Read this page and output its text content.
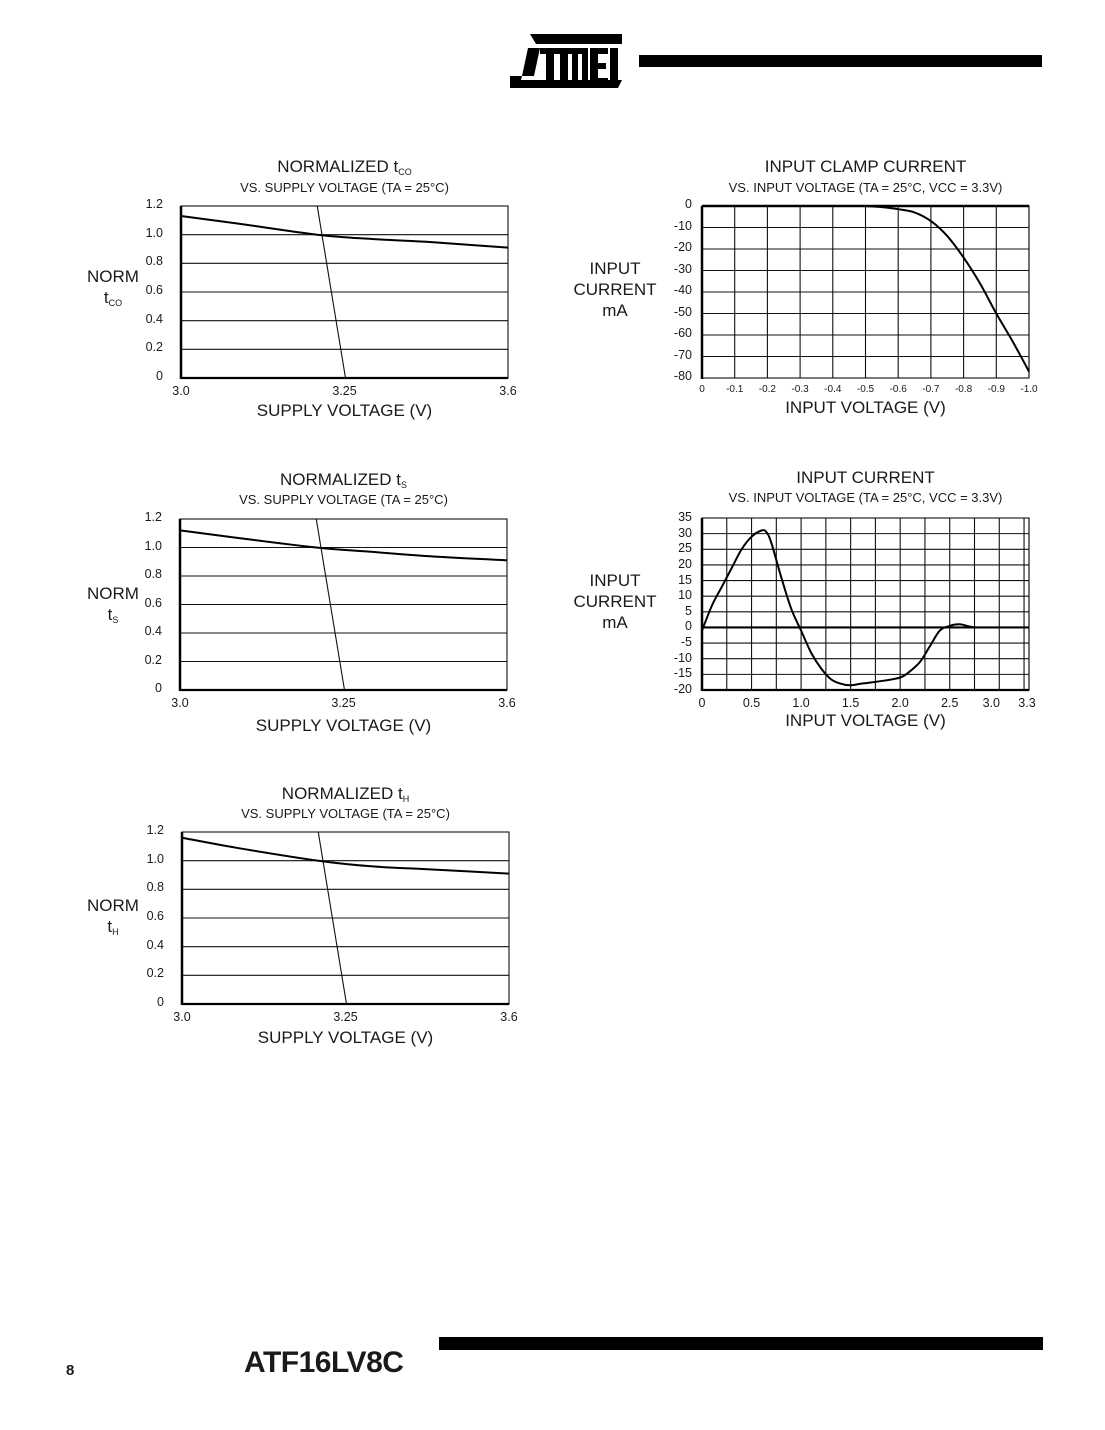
ATMEL
NORMALIZED $t_{CO}$
VS. SUPPLY VOLTAGE (TA = 25°C)
NORM
$t_{CO}$
SUPPLY VOLTAGE (V)
1.2
1.0
0.8
0.6
0.4
0.2
0
3.0	3.25	3.6
INPUT CLAMP CURRENT
VS. INPUT VOLTAGE (TA = 25°C, VCC = 3.3V)
INPUT
CURRENT
mA
INPUT VOLTAGE (V)
0
-10
-20
-30
-40
-50
-60
-70
-80
0	-0.1	-0.2	-0.3	-0.4	-0.5	-0.6	-0.7	-0.8	-0.9	-1.0
NORMALIZED $t_S$
VS. SUPPLY VOLTAGE (TA = 25°C)
NORM
$t_S$
SUPPLY VOLTAGE (V)
1.2
1.0
0.8
0.6
0.4
0.2
0
3.0	3.25	3.6
INPUT CURRENT
VS. INPUT VOLTAGE (TA = 25°C, VCC = 3.3V)
INPUT
CURRENT
mA
INPUT VOLTAGE (V)
35
30
25
20
15
10
5
0
-5
-10
-15
-20
0	0.5	1.0	1.5	2.0	2.5	3.0	3.3
NORMALIZED $t_H$
VS. SUPPLY VOLTAGE (TA = 25°C)
NORM
$t_H$
SUPPLY VOLTAGE (V)
1.2
1.0
0.8
0.6
0.4
0.2
0
3.0	3.25	3.6
8	ATF16LV8C
